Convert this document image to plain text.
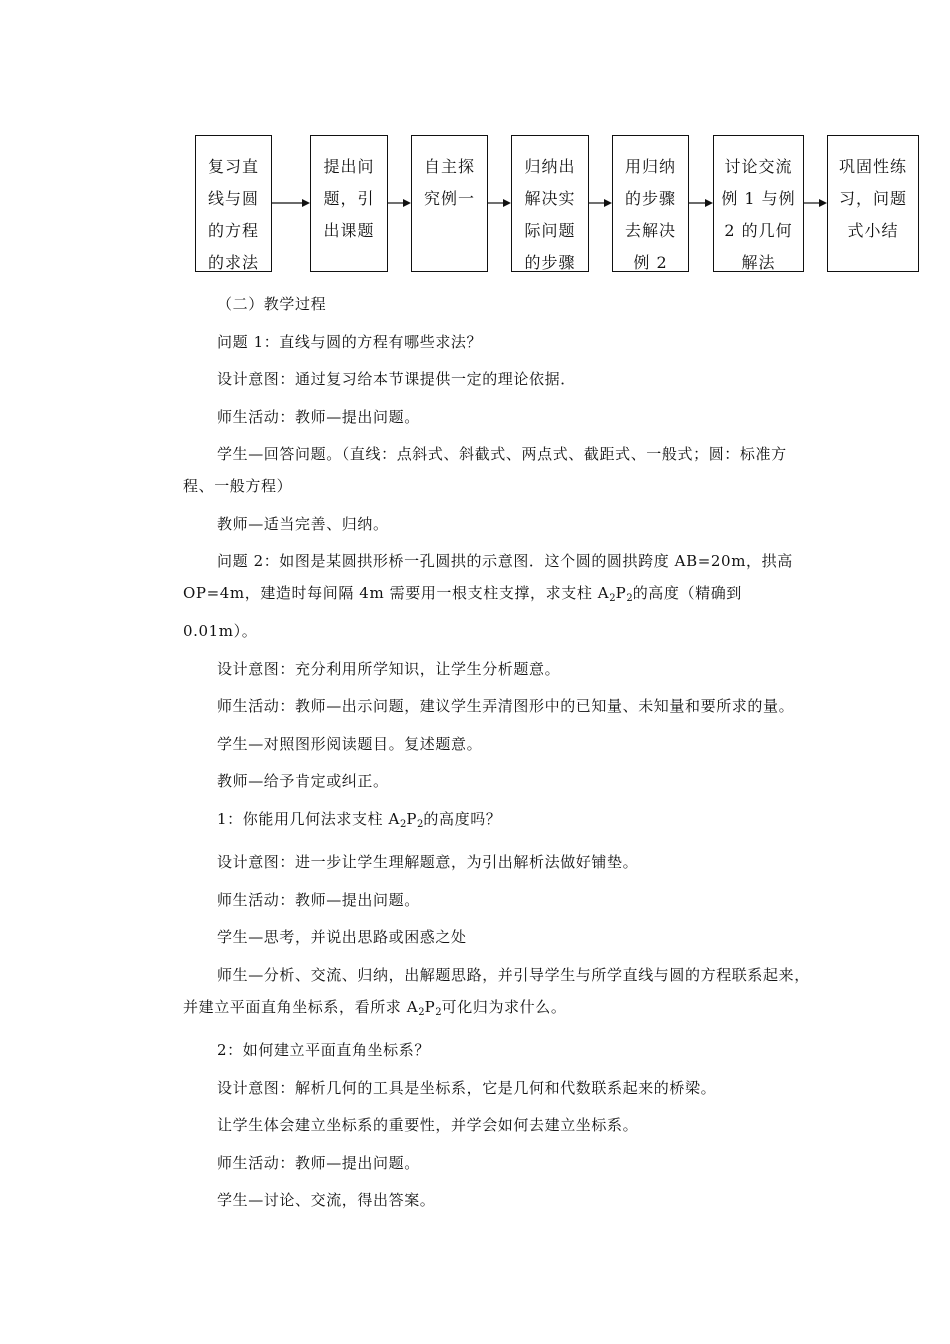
复习直
线与圆
的方程
的求法
提出问
题，引
出课题
自主探
究例一
归纳出
解决实
际问题
的步骤
用归纳
的步骤
去解决
例 2
讨论交流
例 1 与例
2 的几何
解法
巩固性练
习，问题
式小结

（二）教学过程

问题 1：直线与圆的方程有哪些求法？

设计意图：通过复习给本节课提供一定的理论依据．

师生活动：教师—提出问题。

学生—回答问题。（直线：点斜式、斜截式、两点式、截距式、一般式；圆：标准方程、一般方程）

教师—适当完善、归纳。

问题 2：如图是某圆拱形桥一孔圆拱的示意图．这个圆的圆拱跨度 AB=20m，拱高 OP=4m，建造时每间隔 4m 需要用一根支柱支撑，求支柱 $A_2P_2$的高度（精确到 0.01m）。

设计意图：充分利用所学知识，让学生分析题意。

师生活动：教师—出示问题，建议学生弄清图形中的已知量、未知量和要所求的量。

学生—对照图形阅读题目。复述题意。

教师—给予肯定或纠正。

1：你能用几何法求支柱 $A_2P_2$的高度吗？

设计意图：进一步让学生理解题意，为引出解析法做好铺垫。

师生活动：教师—提出问题。

学生—思考，并说出思路或困惑之处

师生—分析、交流、归纳，出解题思路，并引导学生与所学直线与圆的方程联系起来，并建立平面直角坐标系，看所求 $A_2P_2$可化归为求什么。

2：如何建立平面直角坐标系？

设计意图：解析几何的工具是坐标系，它是几何和代数联系起来的桥梁。

让学生体会建立坐标系的重要性，并学会如何去建立坐标系。

师生活动：教师—提出问题。

学生—讨论、交流，得出答案。
